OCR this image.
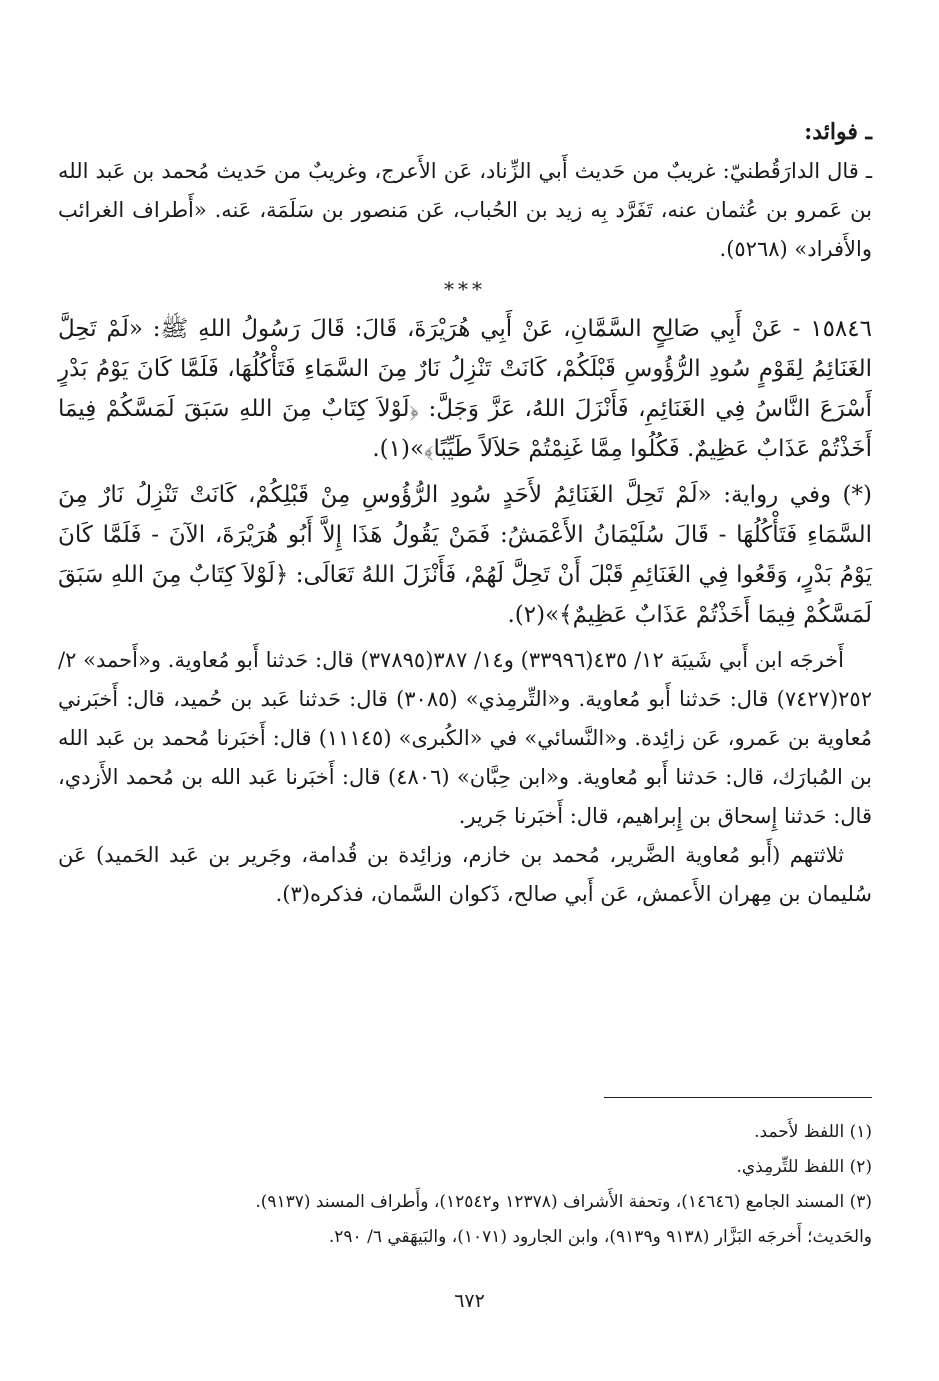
ـ فوائد:

ـ قال الدارَقُطنيّ: غريبٌ من حَديث أَبي الزِّناد، عَن الأَعرج، وغريبٌ من حَديث مُحمد بن عَبد الله بن عَمرو بن عُثمان عنه، تَفَرَّد بِه زيد بن الحُباب، عَن مَنصور بن سَلَمَة، عَنه. «أَطراف الغرائب والأَفراد» (٥٢٦٨).

***

١٥٨٤٦ - عَنْ أَبِي صَالِحٍ السَّمَّانِ، عَنْ أَبِي هُرَيْرَةَ، قَالَ: قَالَ رَسُولُ اللهِ ﷺ: «لَمْ تَحِلَّ الغَنَائِمُ لِقَوْمٍ سُودِ الرُّؤُوسِ قَبْلَكُمْ، كَانَتْ تَنْزِلُ نَارٌ مِنَ السَّمَاءِ فَتَأْكُلُهَا، فَلَمَّا كَانَ يَوْمُ بَدْرٍ أَسْرَعَ النَّاسُ فِي الغَنَائِمِ، فَأَنْزَلَ اللهُ، عَزَّ وَجَلَّ: ﴿لَوْلاَ كِتَابٌ مِنَ اللهِ سَبَقَ لَمَسَّكُمْ فِيمَا أَخَذْتُمْ عَذَابٌ عَظِيمٌ. فَكُلُوا مِمَّا غَنِمْتُمْ حَلاَلاً طَيِّبًا﴾»(١).

(*) وفي رواية: «لَمْ تَحِلَّ الغَنَائِمُ لأَحَدٍ سُودِ الرُّؤُوسِ مِنْ قَبْلِكُمْ، كَانَتْ تَنْزِلُ نَارٌ مِنَ السَّمَاءِ فَتَأْكُلُهَا - قَالَ سُلَيْمَانُ الأَعْمَشُ: فَمَنْ يَقُولُ هَذَا إِلاَّ أَبُو هُرَيْرَةَ، الآنَ - فَلَمَّا كَانَ يَوْمُ بَدْرٍ، وَقَعُوا فِي الغَنَائِمِ قَبْلَ أَنْ تَحِلَّ لَهُمْ، فَأَنْزَلَ اللهُ تَعَالَى: ﴿لَوْلاَ كِتَابٌ مِنَ اللهِ سَبَقَ لَمَسَّكُمْ فِيمَا أَخَذْتُمْ عَذَابٌ عَظِيمٌ﴾»(٢).

أَخرجَه ابن أَبي شَيبَة ١٢/ ٤٣٥(٣٣٩٩٦) و١٤/ ٣٨٧(٣٧٨٩٥) قال: حَدثنا أَبو مُعاوية. و«أَحمد» ٢/ ٢٥٢(٧٤٢٧) قال: حَدثنا أَبو مُعاوية. و«التِّرمِذي» (٣٠٨٥) قال: حَدثنا عَبد بن حُميد، قال: أَخبَرني مُعاوية بن عَمرو، عَن زائِدة. و«النَّسائي» في «الكُبرى» (١١١٤٥) قال: أَخبَرنا مُحمد بن عَبد الله بن المُبارَك، قال: حَدثنا أَبو مُعاوية. و«ابن حِبَّان» (٤٨٠٦) قال: أَخبَرنا عَبد الله بن مُحمد الأَزدي، قال: حَدثنا إِسحاق بن إِبراهيم، قال: أَخبَرنا جَرير.

ثلاثتهم (أَبو مُعاوية الضَّرير، مُحمد بن خازم، وزائِدة بن قُدامة، وجَرير بن عَبد الحَميد) عَن سُليمان بن مِهران الأَعمش، عَن أَبي صالح، ذَكوان السَّمان، فذكره(٣).

(١) اللفظ لأَحمد.

(٢) اللفظ للتِّرمِذي.

(٣) المسند الجامع (١٤٦٤٦)، وتحفة الأَشراف (١٢٣٧٨ و١٢٥٤٢)، وأَطراف المسند (٩١٣٧).

والحَديث؛ أَخرجَه البَزَّار (٩١٣٨ و٩١٣٩)، وابن الجارود (١٠٧١)، والبَيهَقي ٦/ ٢٩٠.

٦٧٢
